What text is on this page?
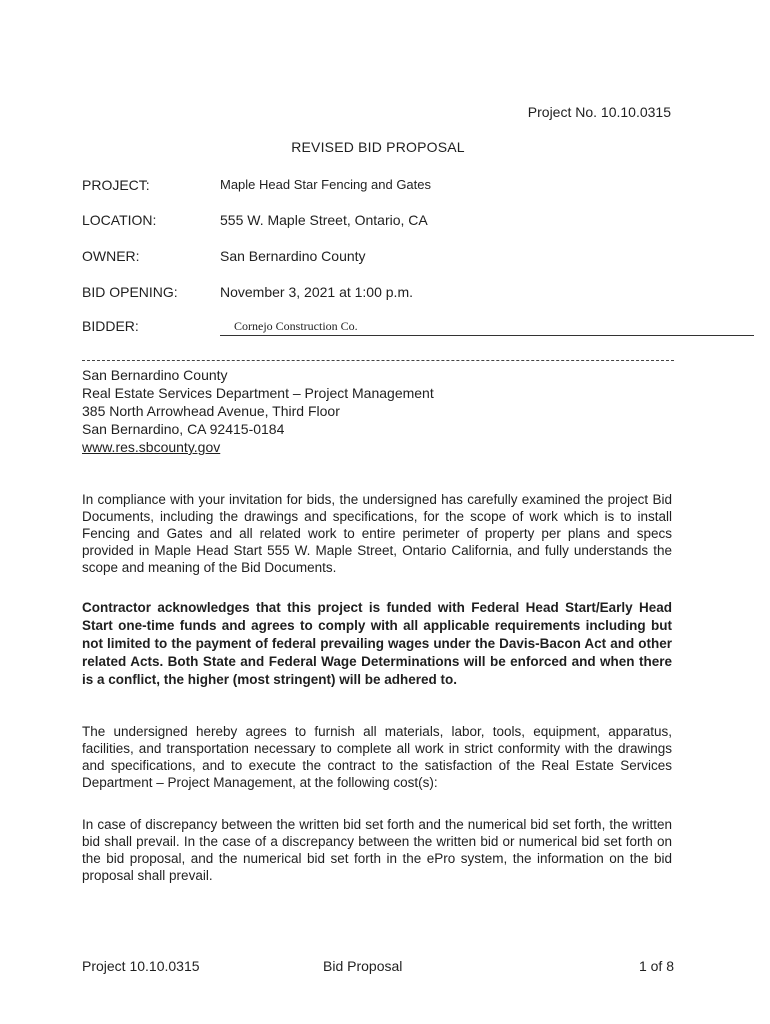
Project No. 10.10.0315
REVISED BID PROPOSAL
PROJECT:	Maple Head Star Fencing and Gates
LOCATION:	555 W. Maple Street, Ontario, CA
OWNER:	San Bernardino County
BID OPENING:	November 3, 2021 at 1:00 p.m.
BIDDER:	Cornejo Construction Co.
San Bernardino County
Real Estate Services Department – Project Management
385 North Arrowhead Avenue, Third Floor
San Bernardino, CA 92415-0184
www.res.sbcounty.gov
In compliance with your invitation for bids, the undersigned has carefully examined the project Bid Documents, including the drawings and specifications, for the scope of work which is to install Fencing and Gates and all related work to entire perimeter of property per plans and specs provided in Maple Head Start 555 W. Maple Street, Ontario California, and fully understands the scope and meaning of the Bid Documents.
Contractor acknowledges that this project is funded with Federal Head Start/Early Head Start one-time funds and agrees to comply with all applicable requirements including but not limited to the payment of federal prevailing wages under the Davis-Bacon Act and other related Acts. Both State and Federal Wage Determinations will be enforced and when there is a conflict, the higher (most stringent) will be adhered to.
The undersigned hereby agrees to furnish all materials, labor, tools, equipment, apparatus, facilities, and transportation necessary to complete all work in strict conformity with the drawings and specifications, and to execute the contract to the satisfaction of the Real Estate Services Department – Project Management, at the following cost(s):
In case of discrepancy between the written bid set forth and the numerical bid set forth, the written bid shall prevail. In the case of a discrepancy between the written bid or numerical bid set forth on the bid proposal, and the numerical bid set forth in the ePro system, the information on the bid proposal shall prevail.
Project 10.10.0315	Bid Proposal	1 of 8
